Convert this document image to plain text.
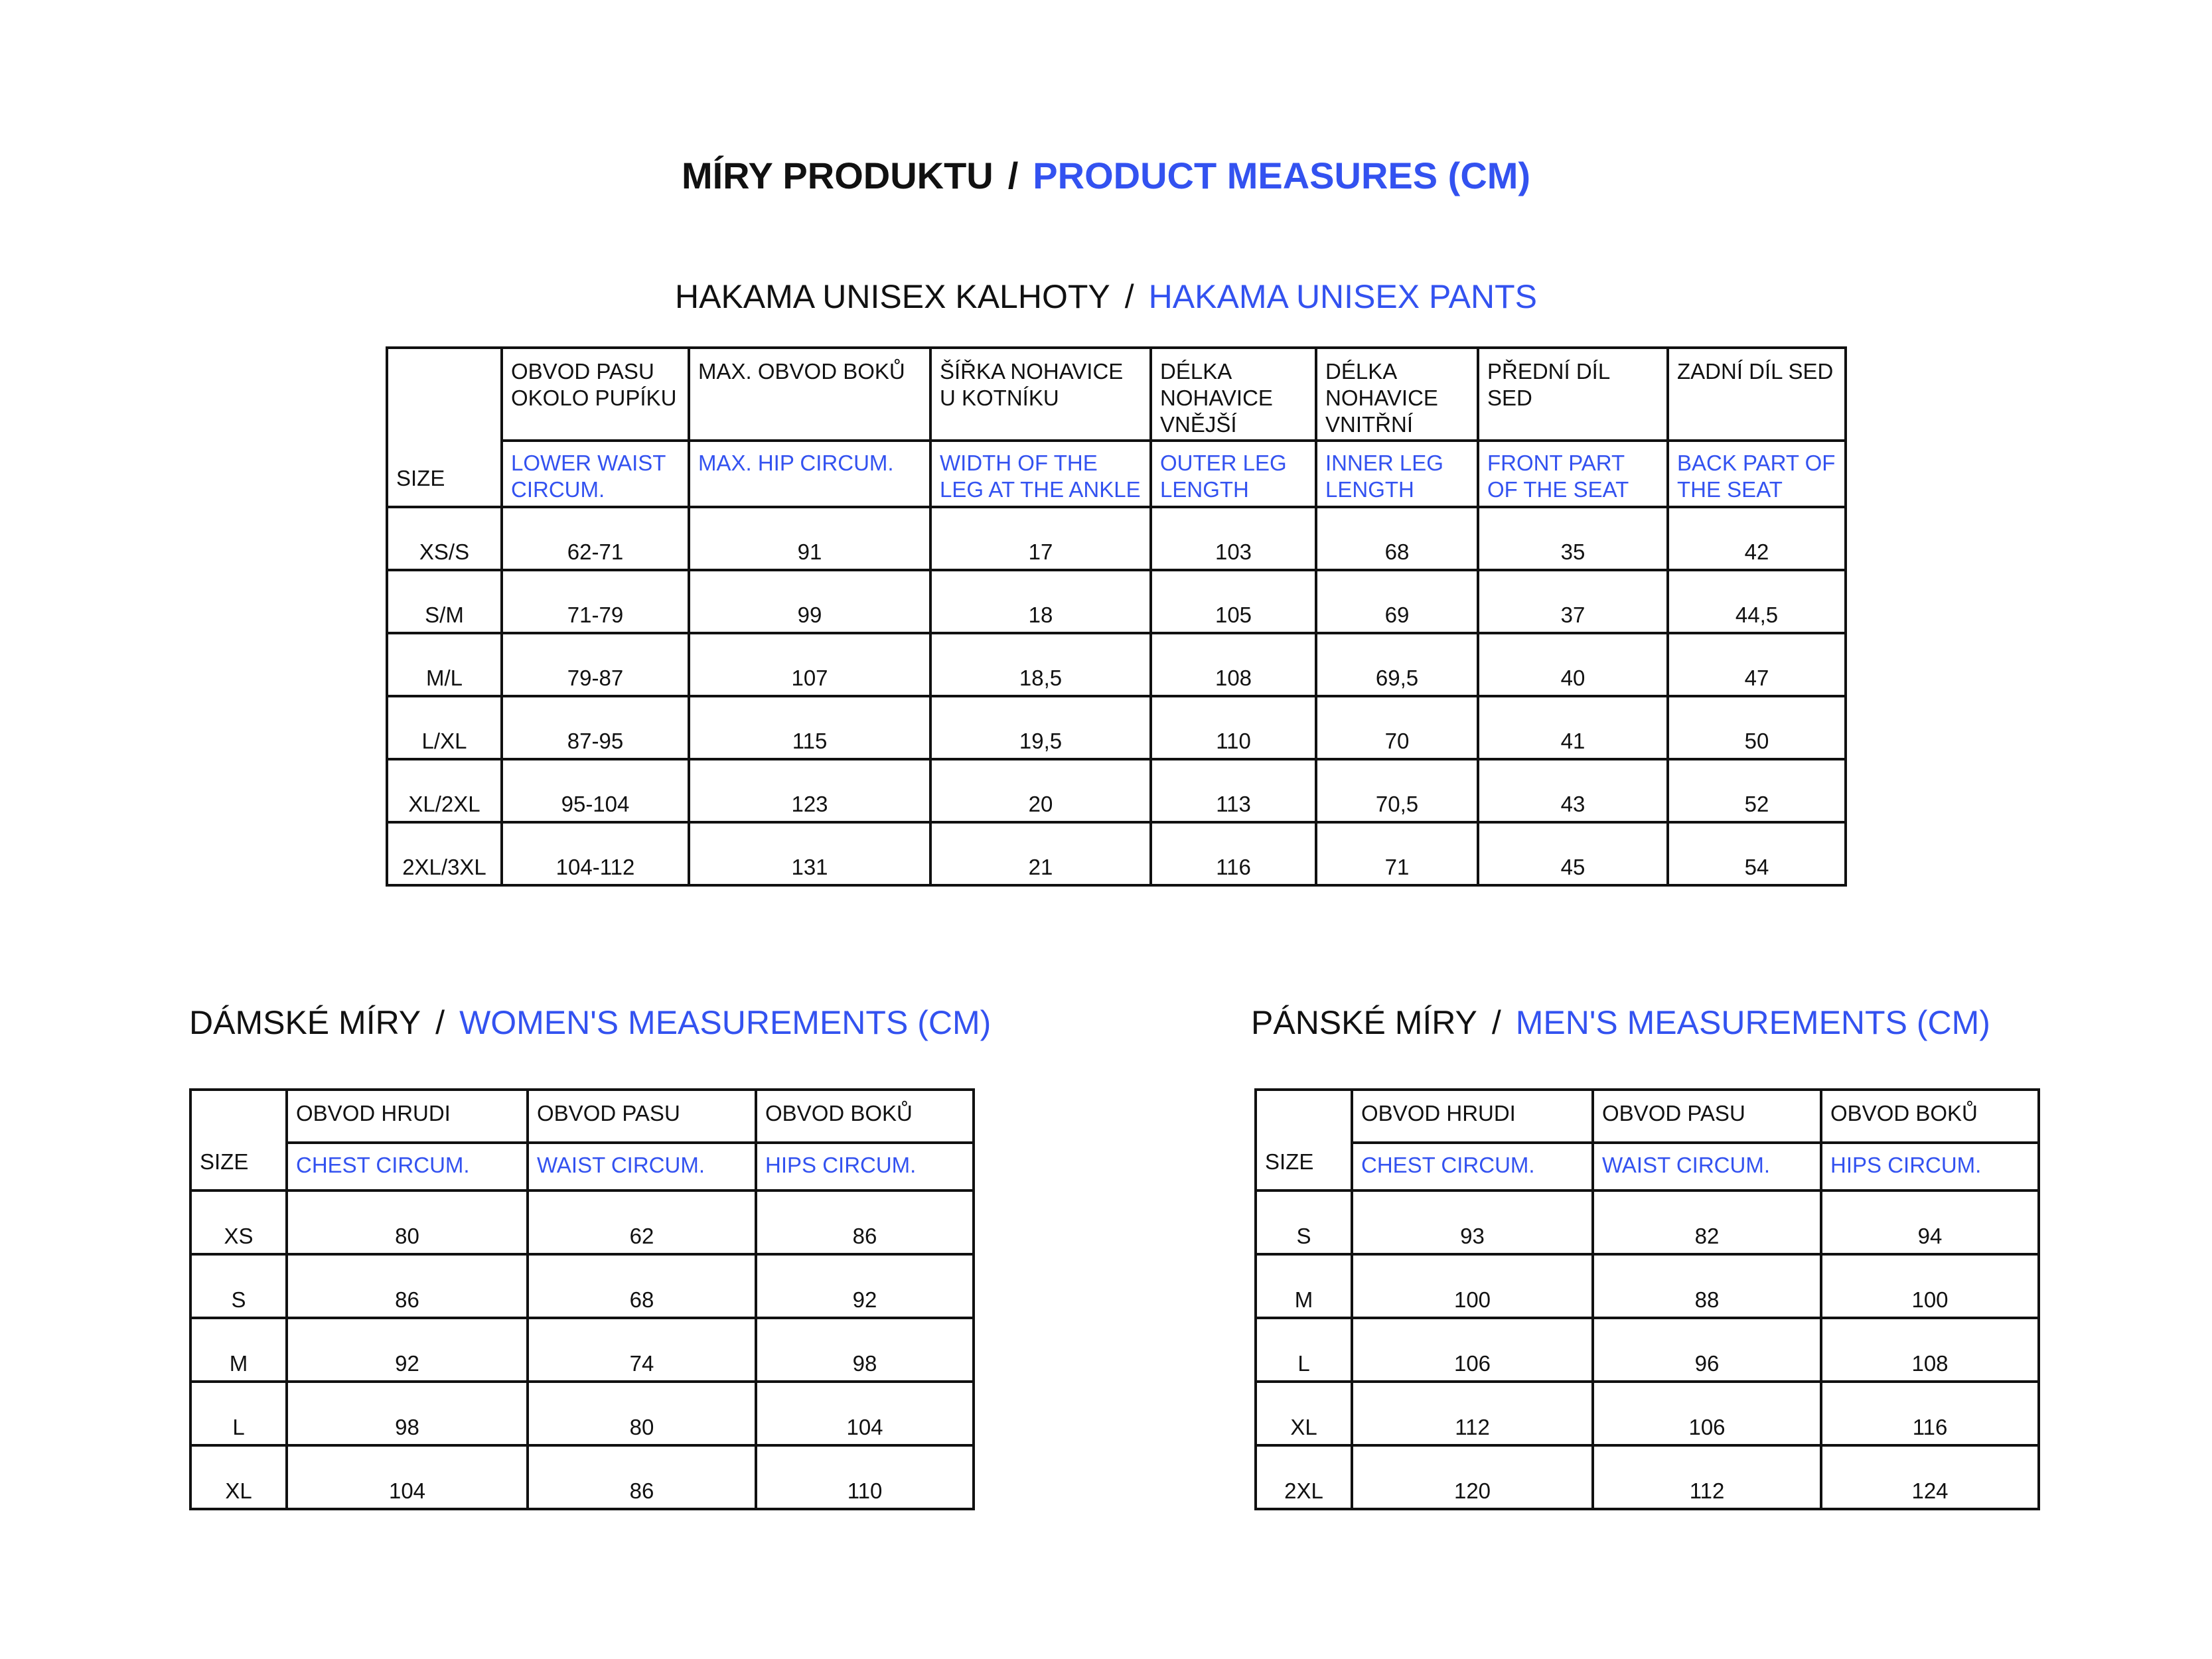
MÍRY PRODUKTU / PRODUCT MEASURES (CM)
HAKAMA UNISEX KALHOTY / HAKAMA UNISEX PANTS
SIZE	OBVOD PASU OKOLO PUPÍKU	MAX. OBVOD BOKŮ	ŠÍŘKA NOHAVICE U KOTNÍKU	DÉLKA NOHAVICE VNĚJŠÍ	DÉLKA NOHAVICE VNITŘNÍ	PŘEDNÍ DÍL SED	ZADNÍ DÍL SED
	LOWER WAIST CIRCUM.	MAX. HIP CIRCUM.	WIDTH OF THE LEG AT THE ANKLE	OUTER LEG LENGTH	INNER LEG LENGTH	FRONT PART OF THE SEAT	BACK PART OF THE SEAT
XS/S	62-71	91	17	103	68	35	42
S/M	71-79	99	18	105	69	37	44,5
M/L	79-87	107	18,5	108	69,5	40	47
L/XL	87-95	115	19,5	110	70	41	50
XL/2XL	95-104	123	20	113	70,5	43	52
2XL/3XL	104-112	131	21	116	71	45	54
DÁMSKÉ MÍRY / WOMEN'S MEASUREMENTS (CM)
SIZE	OBVOD HRUDI	OBVOD PASU	OBVOD BOKŮ
	CHEST CIRCUM.	WAIST CIRCUM.	HIPS CIRCUM.
XS	80	62	86
S	86	68	92
M	92	74	98
L	98	80	104
XL	104	86	110
PÁNSKÉ MÍRY / MEN'S MEASUREMENTS (CM)
SIZE	OBVOD HRUDI	OBVOD PASU	OBVOD BOKŮ
	CHEST CIRCUM.	WAIST CIRCUM.	HIPS CIRCUM.
S	93	82	94
M	100	88	100
L	106	96	108
XL	112	106	116
2XL	120	112	124
